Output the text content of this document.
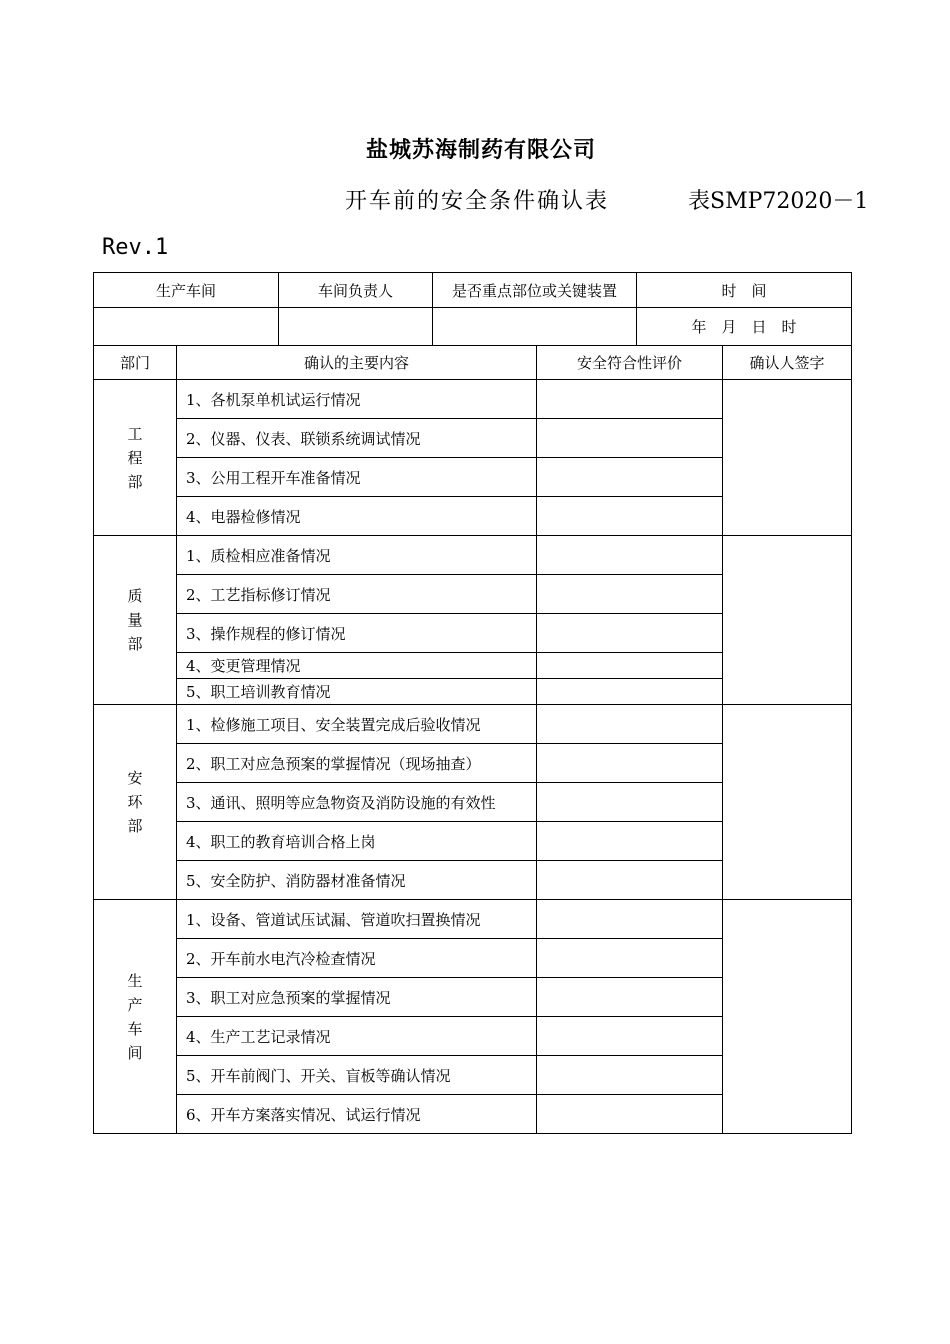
盐城苏海制药有限公司
开车前的安全条件确认表	表SMP72020－1
Rev.1
生产车间	车间负责人	是否重点部位或关键装置	时　间
			年　月　日　时
部门	确认的主要内容	安全符合性评价	确认人签字

工
程
部	1、各机泵单机试运行情况		
	2、仪器、仪表、联锁系统调试情况		
	3、公用工程开车准备情况		
	4、电器检修情况		

质
量
部	1、质检相应准备情况		
	2、工艺指标修订情况		
	3、操作规程的修订情况		
	4、变更管理情况		
	5、职工培训教育情况		

安
环
部	1、检修施工项目、安全装置完成后验收情况		
	2、职工对应急预案的掌握情况（现场抽查）		
	3、通讯、照明等应急物资及消防设施的有效性		
	4、职工的教育培训合格上岗		
	5、安全防护、消防器材准备情况		

生
产
车
间	1、设备、管道试压试漏、管道吹扫置换情况		
	2、开车前水电汽冷检查情况		
	3、职工对应急预案的掌握情况		
	4、生产工艺记录情况		
	5、开车前阀门、开关、盲板等确认情况		
	6、开车方案落实情况、试运行情况		
